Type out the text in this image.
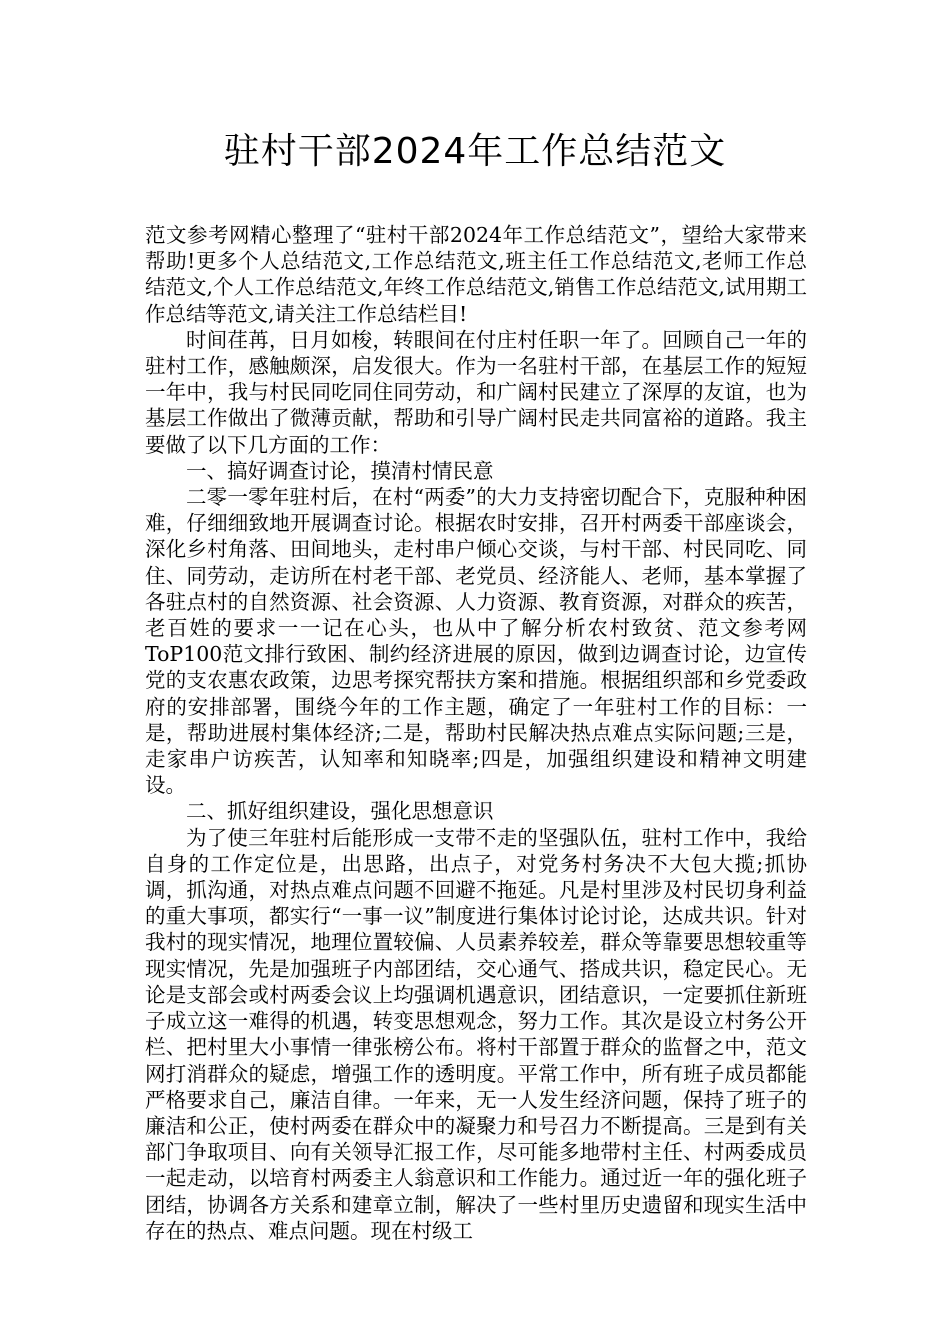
驻村干部2024年工作总结范文

范文参考网精心整理了“驻村干部2024年工作总结范文”，望给大家带来帮助!更多个人总结范文,工作总结范文,班主任工作总结范文,老师工作总结范文,个人工作总结范文,年终工作总结范文,销售工作总结范文,试用期工作总结等范文,请关注工作总结栏目!

时间荏苒，日月如梭，转眼间在付庄村任职一年了。回顾自己一年的驻村工作，感触颇深，启发很大。作为一名驻村干部，在基层工作的短短一年中，我与村民同吃同住同劳动，和广阔村民建立了深厚的友谊，也为基层工作做出了微薄贡献，帮助和引导广阔村民走共同富裕的道路。我主要做了以下几方面的工作：

一、搞好调查讨论，摸清村情民意

二零一零年驻村后，在村“两委”的大力支持密切配合下，克服种种困难，仔细细致地开展调查讨论。根据农时安排，召开村两委干部座谈会，深化乡村角落、田间地头，走村串户倾心交谈，与村干部、村民同吃、同住、同劳动，走访所在村老干部、老党员、经济能人、老师，基本掌握了各驻点村的自然资源、社会资源、人力资源、教育资源，对群众的疾苦，老百姓的要求一一记在心头，也从中了解分析农村致贫、范文参考网ToP100范文排行致困、制约经济进展的原因，做到边调查讨论，边宣传党的支农惠农政策，边思考探究帮扶方案和措施。根据组织部和乡党委政府的安排部署，围绕今年的工作主题，确定了一年驻村工作的目标：一是，帮助进展村集体经济;二是，帮助村民解决热点难点实际问题;三是，走家串户访疾苦，认知率和知晓率;四是，加强组织建设和精神文明建设。

二、抓好组织建设，强化思想意识

为了使三年驻村后能形成一支带不走的坚强队伍，驻村工作中，我给自身的工作定位是，出思路，出点子，对党务村务决不大包大揽;抓协调，抓沟通，对热点难点问题不回避不拖延。凡是村里涉及村民切身利益的重大事项，都实行“一事一议”制度进行集体讨论讨论，达成共识。针对我村的现实情况，地理位置较偏、人员素养较差，群众等靠要思想较重等现实情况，先是加强班子内部团结，交心通气、搭成共识，稳定民心。无论是支部会或村两委会议上均强调机遇意识，团结意识，一定要抓住新班子成立这一难得的机遇，转变思想观念，努力工作。其次是设立村务公开栏、把村里大小事情一律张榜公布。将村干部置于群众的监督之中，范文网打消群众的疑虑，增强工作的透明度。平常工作中，所有班子成员都能严格要求自己，廉洁自律。一年来，无一人发生经济问题，保持了班子的廉洁和公正，使村两委在群众中的凝聚力和号召力不断提高。三是到有关部门争取项目、向有关领导汇报工作，尽可能多地带村主任、村两委成员一起走动，以培育村两委主人翁意识和工作能力。通过近一年的强化班子团结，协调各方关系和建章立制，解决了一些村里历史遗留和现实生活中存在的热点、难点问题。现在村级工
